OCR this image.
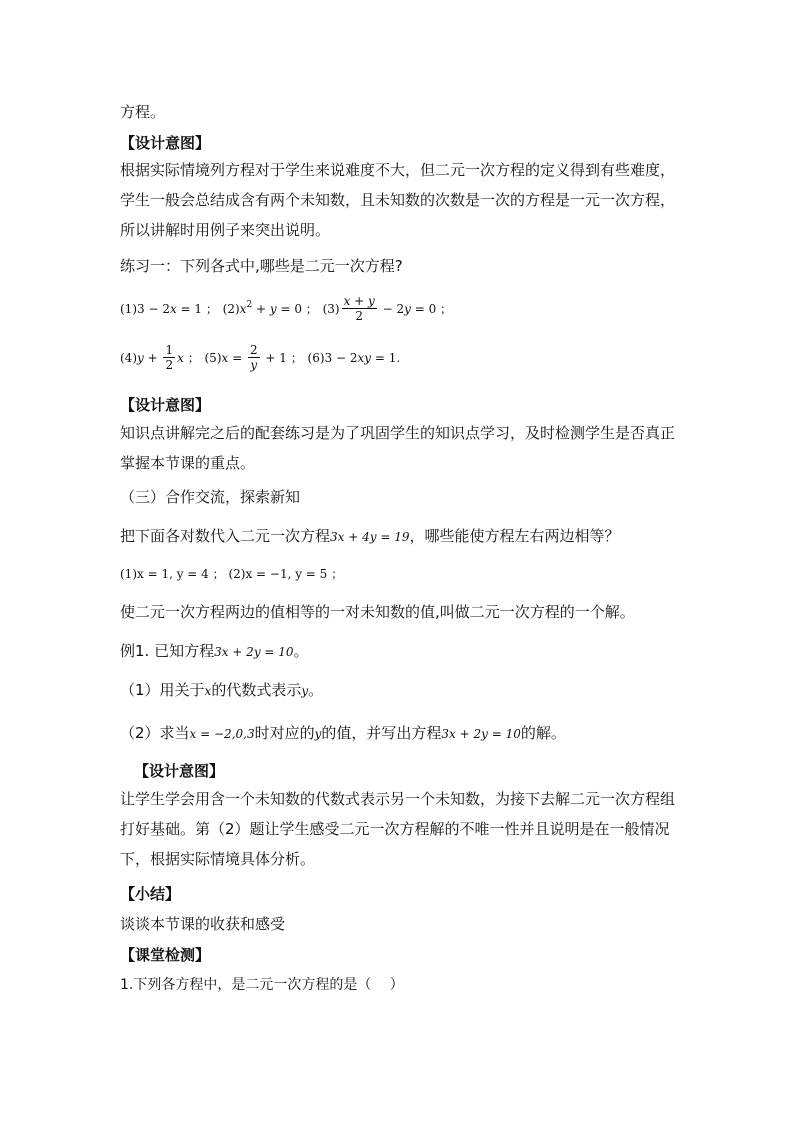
方程。
【设计意图】
根据实际情境列方程对于学生来说难度不大，但二元一次方程的定义得到有些难度，学生一般会总结成含有两个未知数，且未知数的次数是一次的方程是一元一次方程，所以讲解时用例子来突出说明。
练习一：下列各式中,哪些是二元一次方程?
(1)3 − 2x = 1 ； $(2)x^2 + y = 0$ ； $(3) \frac{x + y}{2} - 2y = 0$ ；
$(4)y + \frac{1}{2}$ x ； $(5)x = \frac{2}{y} + 1$ ； (6)3 − 2xy = 1.
【设计意图】
知识点讲解完之后的配套练习是为了巩固学生的知识点学习，及时检测学生是否真正掌握本节课的重点。
（三）合作交流，探索新知
把下面各对数代入二元一次方程3x + 4y = 19，哪些能使方程左右两边相等？
(1)x = 1, y = 4 ； (2)x = −1, y = 5 ；
使二元一次方程两边的值相等的一对未知数的值,叫做二元一次方程的一个解。
例1. 已知方程3x + 2y = 10。
（1）用关于x的代数式表示y。
（2）求当x = −2,0,3时对应的y的值，并写出方程3x + 2y = 10的解。
【设计意图】
让学生学会用含一个未知数的代数式表示另一个未知数，为接下去解二元一次方程组打好基础。第（2）题让学生感受二元一次方程解的不唯一性并且说明是在一般情况下，根据实际情境具体分析。
【小结】
谈谈本节课的收获和感受
【课堂检测】
1.下列各方程中，是二元一次方程的是（　 ）
